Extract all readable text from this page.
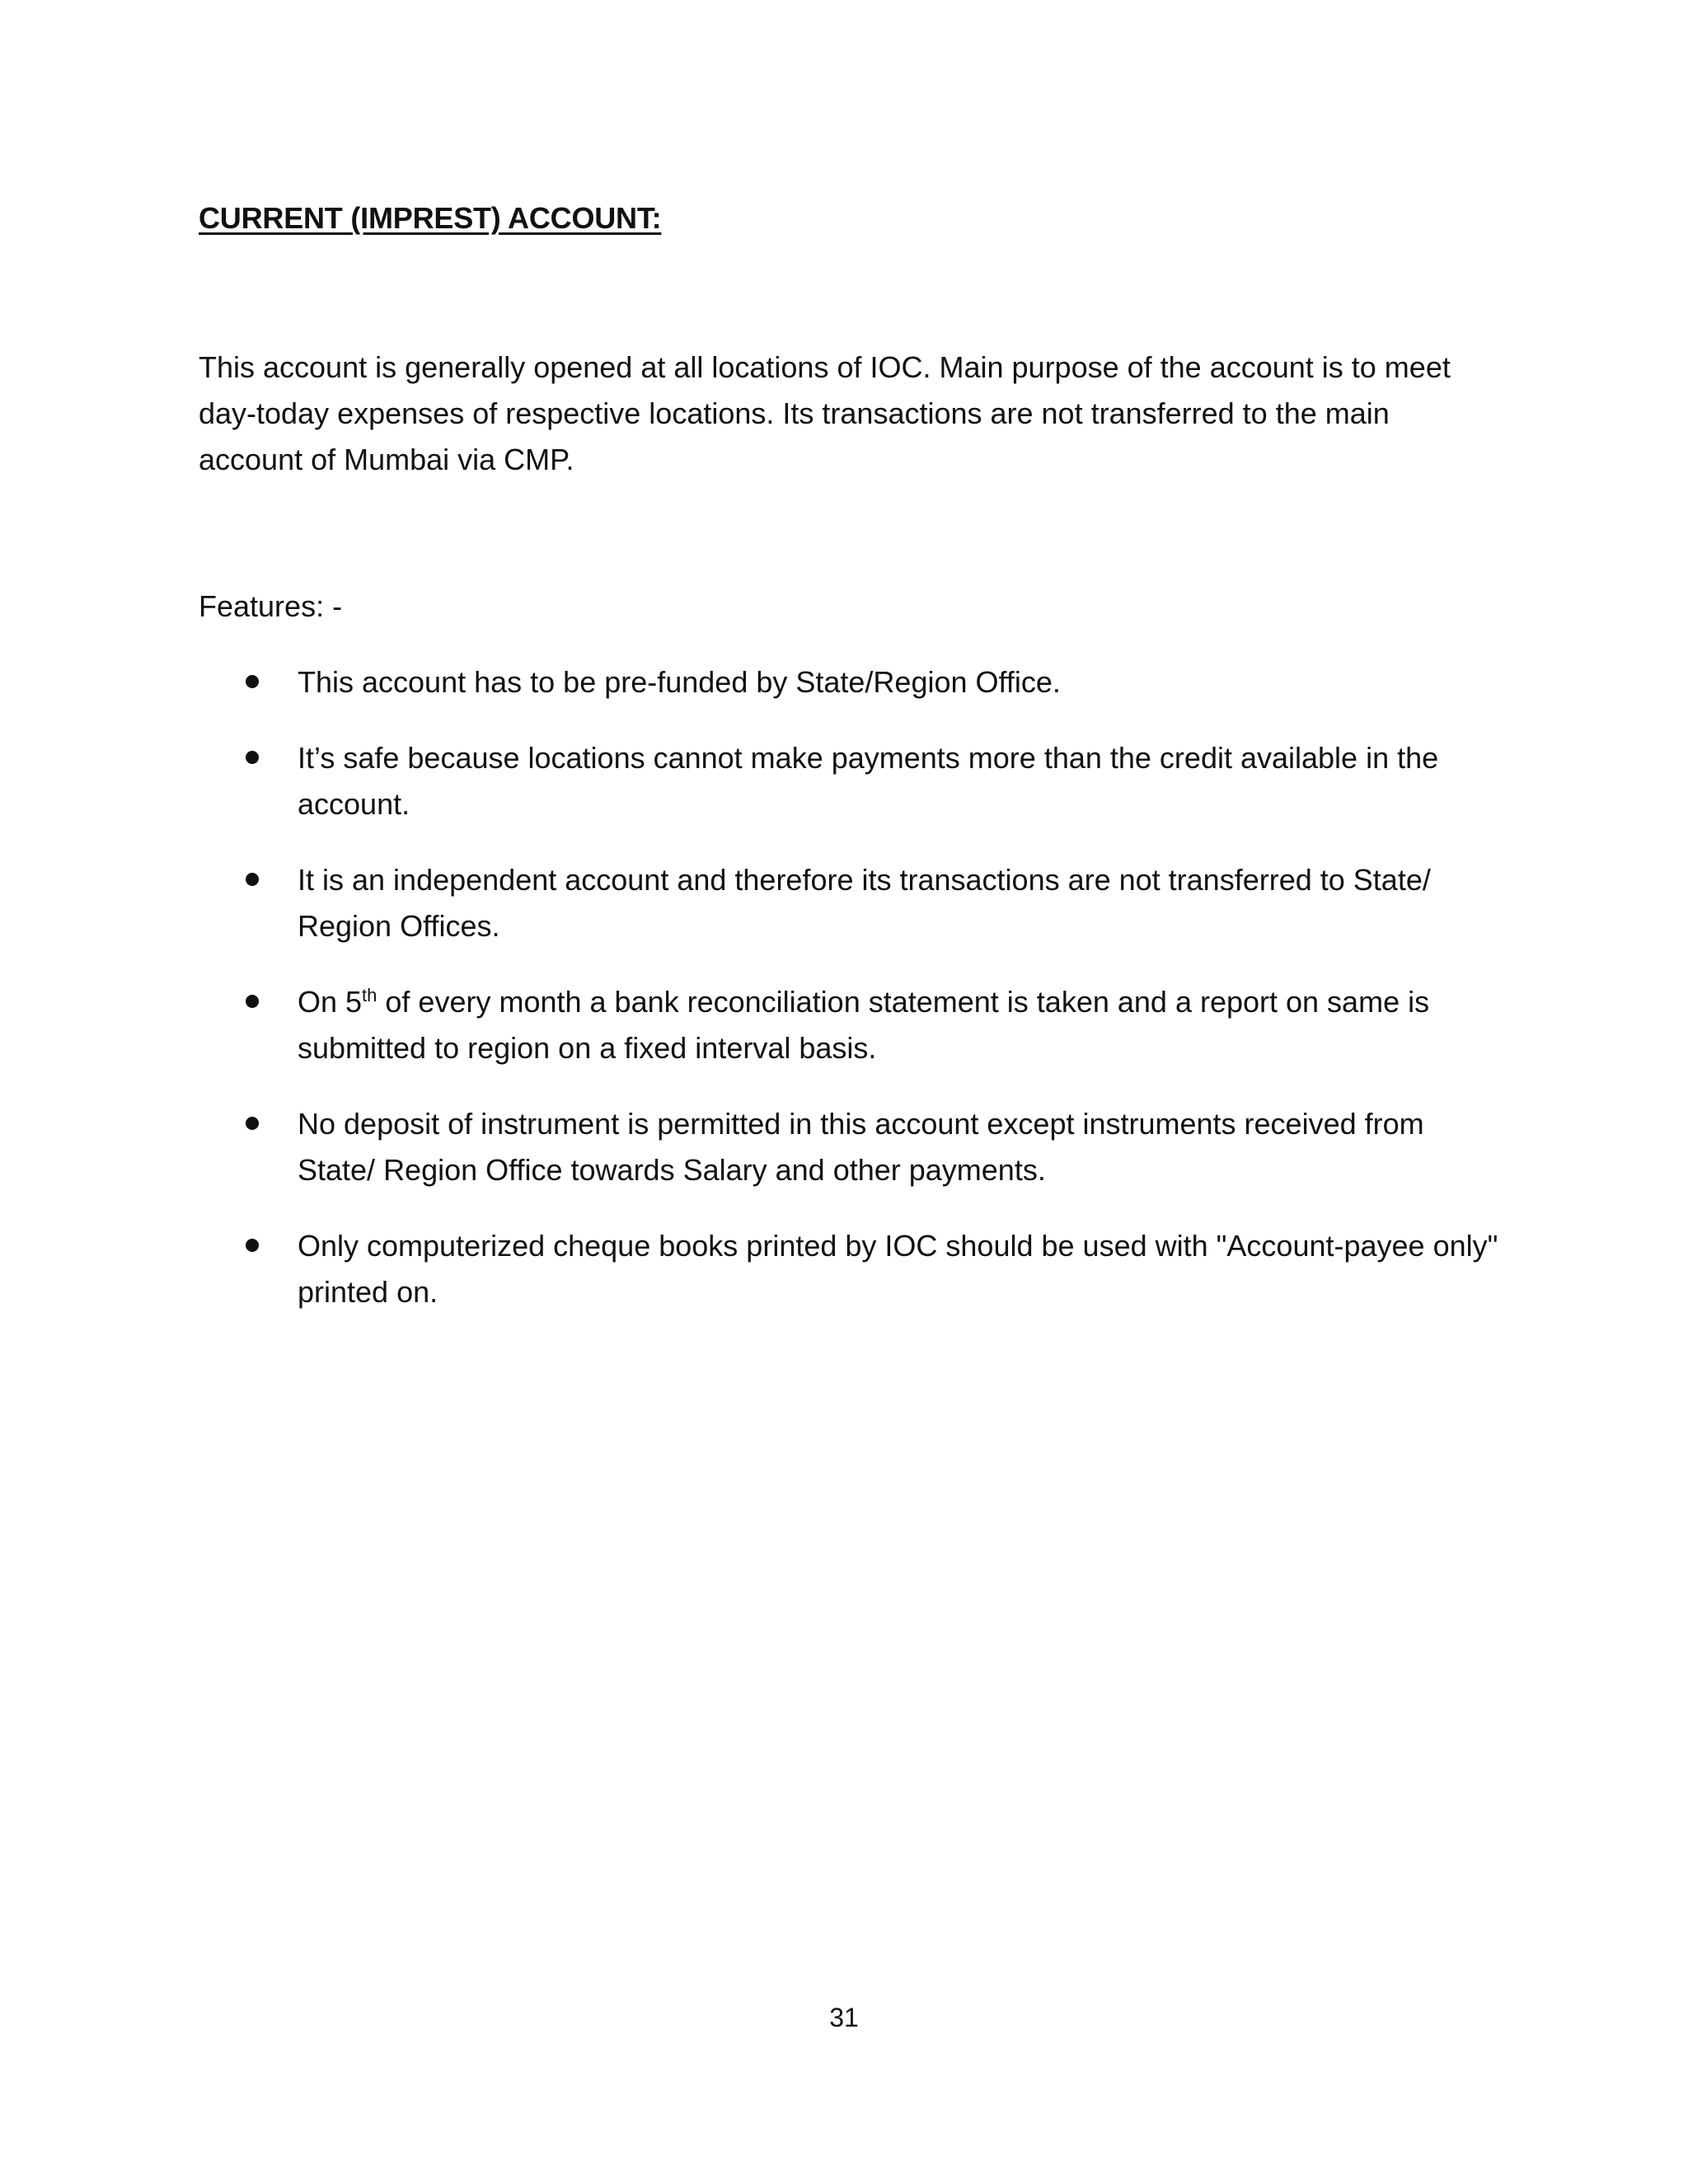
CURRENT (IMPREST) ACCOUNT:

This account is generally opened at all locations of IOC. Main purpose of the account is to meet day-today expenses of respective locations. Its transactions are not transferred to the main account of Mumbai via CMP.

Features: -
This account has to be pre-funded by State/Region Office.
It’s safe because locations cannot make payments more than the credit available in the account.
It is an independent account and therefore its transactions are not transferred to State/ Region Offices.
On 5th of every month a bank reconciliation statement is taken and a report on same is submitted to region on a fixed interval basis.
No deposit of instrument is permitted in this account except instruments received from State/ Region Office towards Salary and other payments.
Only computerized cheque books printed by IOC should be used with "Account-payee only" printed on.
31
